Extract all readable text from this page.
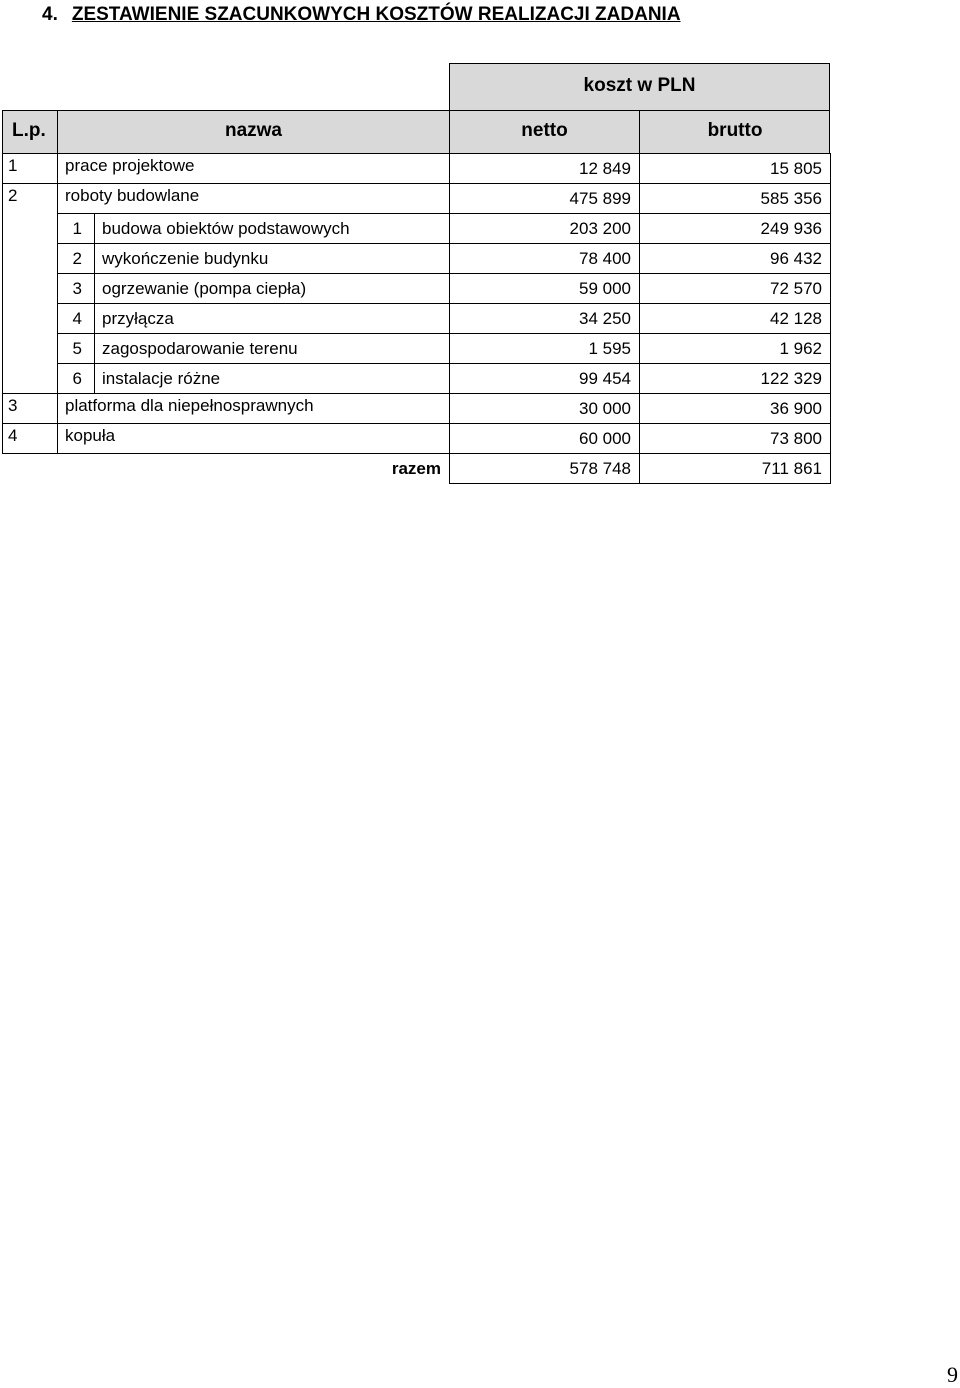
4. ZESTAWIENIE SZACUNKOWYCH KOSZTÓW REALIZACJI ZADANIA
koszt w PLN
L.p.	nazwa	netto	brutto
1	prace projektowe	12 849	15 805
2	roboty budowlane	475 899	585 356
1 budowa obiektów podstawowych	203 200	249 936
2 wykończenie budynku	78 400	96 432
3 ogrzewanie (pompa ciepła)	59 000	72 570
4 przyłącza	34 250	42 128
5 zagospodarowanie terenu	1 595	1 962
6 instalacje różne	99 454	122 329
3	platforma dla niepełnosprawnych	30 000	36 900
4	kopuła	60 000	73 800
razem	578 748	711 861
9
